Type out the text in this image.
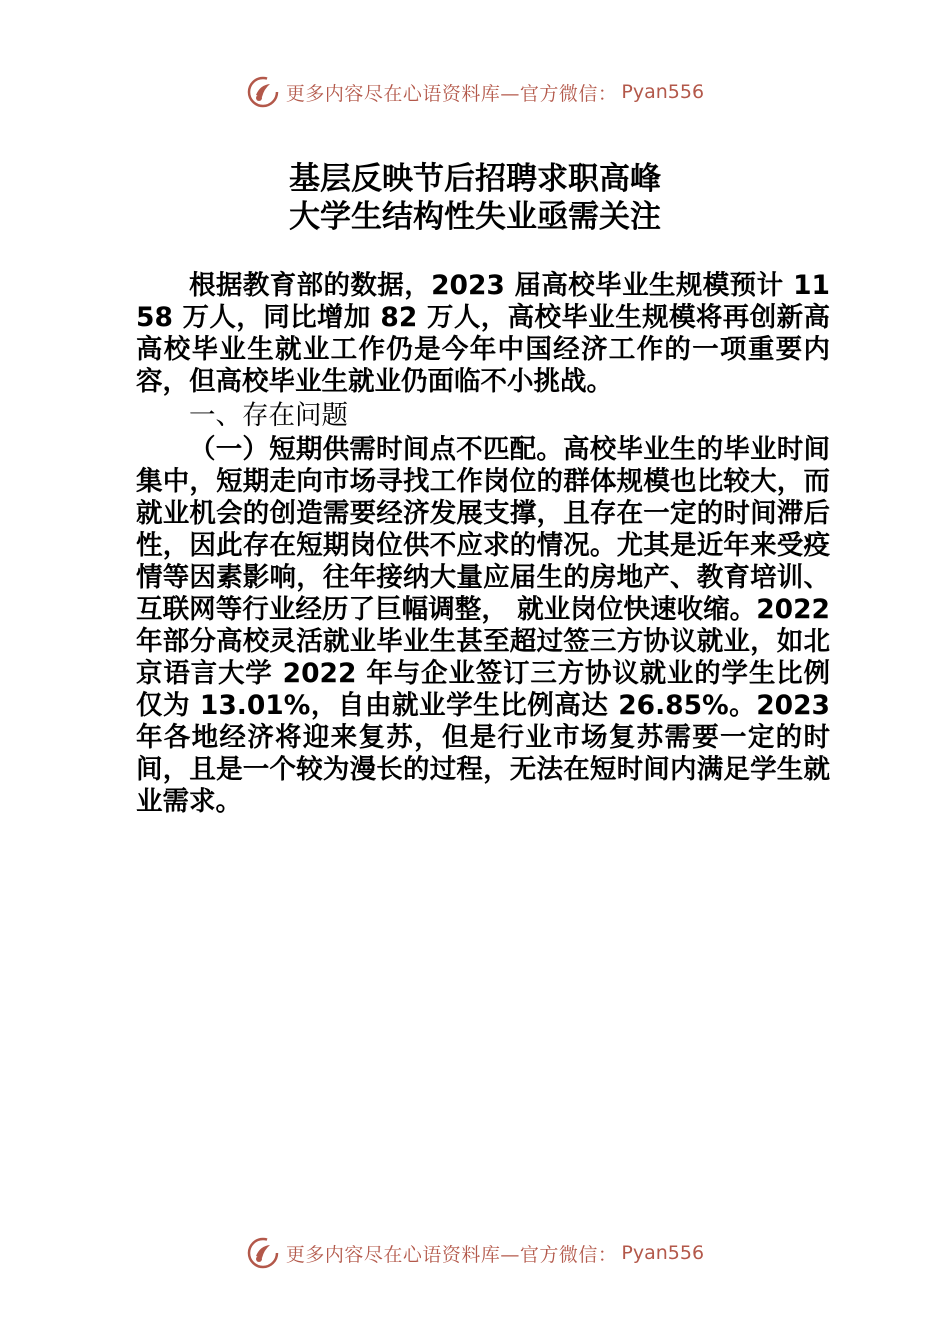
更多内容尽在心语资料库—官方微信： Pyan556
基层反映节后招聘求职高峰
大学生结构性失业亟需关注

根据教育部的数据，2023 届高校毕业生规模预计 1158 万人，同比增加 82 万人，高校毕业生规模将再创新高高校毕业生就业工作仍是今年中国经济工作的一项重要内容，但高校毕业生就业仍面临不小挑战。

一、存在问题

（一）短期供需时间点不匹配。高校毕业生的毕业时间集中，短期走向市场寻找工作岗位的群体规模也比较大，而就业机会的创造需要经济发展支撑，且存在一定的时间滞后性，因此存在短期岗位供不应求的情况。尤其是近年来受疫情等因素影响，往年接纳大量应届生的房地产、教育培训、互联网等行业经历了巨幅调整， 就业岗位快速收缩。2022 年部分高校灵活就业毕业生甚至超过签三方协议就业，如北京语言大学 2022 年与企业签订三方协议就业的学生比例仅为 13.01%，自由就业学生比例高达 26.85%。2023 年各地经济将迎来复苏，但是行业市场复苏需要一定的时间，且是一个较为漫长的过程，无法在短时间内满足学生就业需求。

更多内容尽在心语资料库—官方微信： Pyan556
